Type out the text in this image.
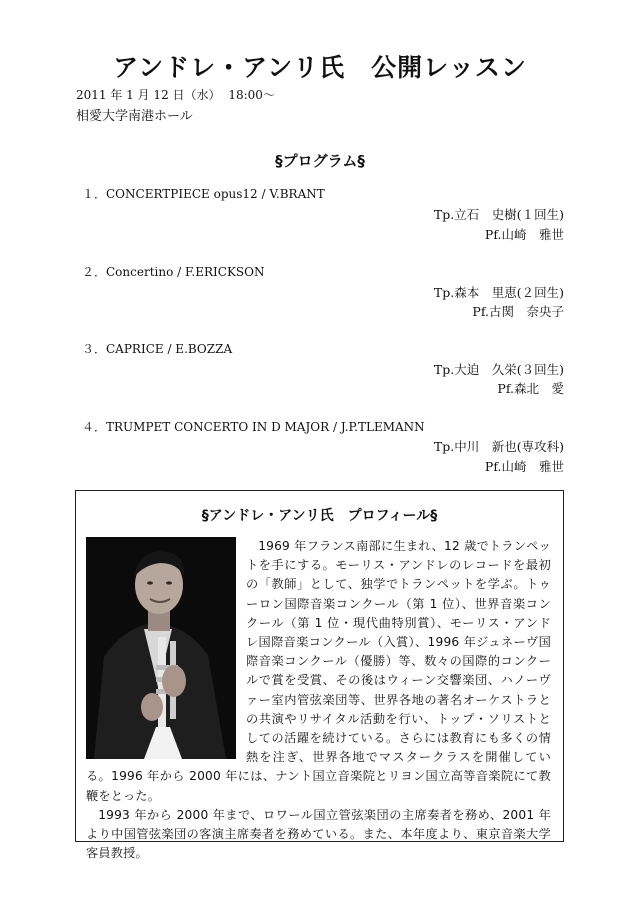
アンドレ・アンリ氏　公開レッスン
2011 年 1 月 12 日（水） 18:00〜
相愛大学南港ホール
§プログラム§
１．CONCERTPIECE opus12 / V.BRANT
Tp.立石　史樹(１回生)
Pf.山崎　雅世
２．Concertino / F.ERICKSON
Tp.森本　里恵(２回生)
Pf.古関　奈央子
３．CAPRICE / E.BOZZA
Tp.大迫　久栄(３回生)
Pf.森北　愛
４．TRUMPET CONCERTO IN D MAJOR / J.P.TLEMANN
Tp.中川　新也(専攻科)
Pf.山崎　雅世
§アンドレ・アンリ氏　プロフィール§

1969 年フランス南部に生まれ、12 歳でトランペットを手にする。モーリス・アンドレのレコードを最初の「教師」として、独学でトランペットを学ぶ。トゥーロン国際音楽コンクール（第 1 位）、世界音楽コンクール（第 1 位・現代曲特別賞）、モーリス・アンドレ国際音楽コンクール（入賞）、1996 年ジュネーヴ国際音楽コンクール（優勝）等、数々の国際的コンクールで賞を受賞、その後はウィーン交響楽団、ハノーヴァー室内管弦楽団等、世界各地の著名オーケストラとの共演やリサイタル活動を行い、トップ・ソリストとしての活躍を続けている。さらには教育にも多くの情熱を注ぎ、世界各地でマスタークラスを開催している。1996 年から 2000 年には、ナント国立音楽院とリヨン国立高等音楽院にて教鞭をとった。

1993 年から 2000 年まで、ロワール国立管弦楽団の主席奏者を務め、2001 年より中国管弦楽団の客演主席奏者を務めている。また、本年度より、東京音楽大学客員教授。
